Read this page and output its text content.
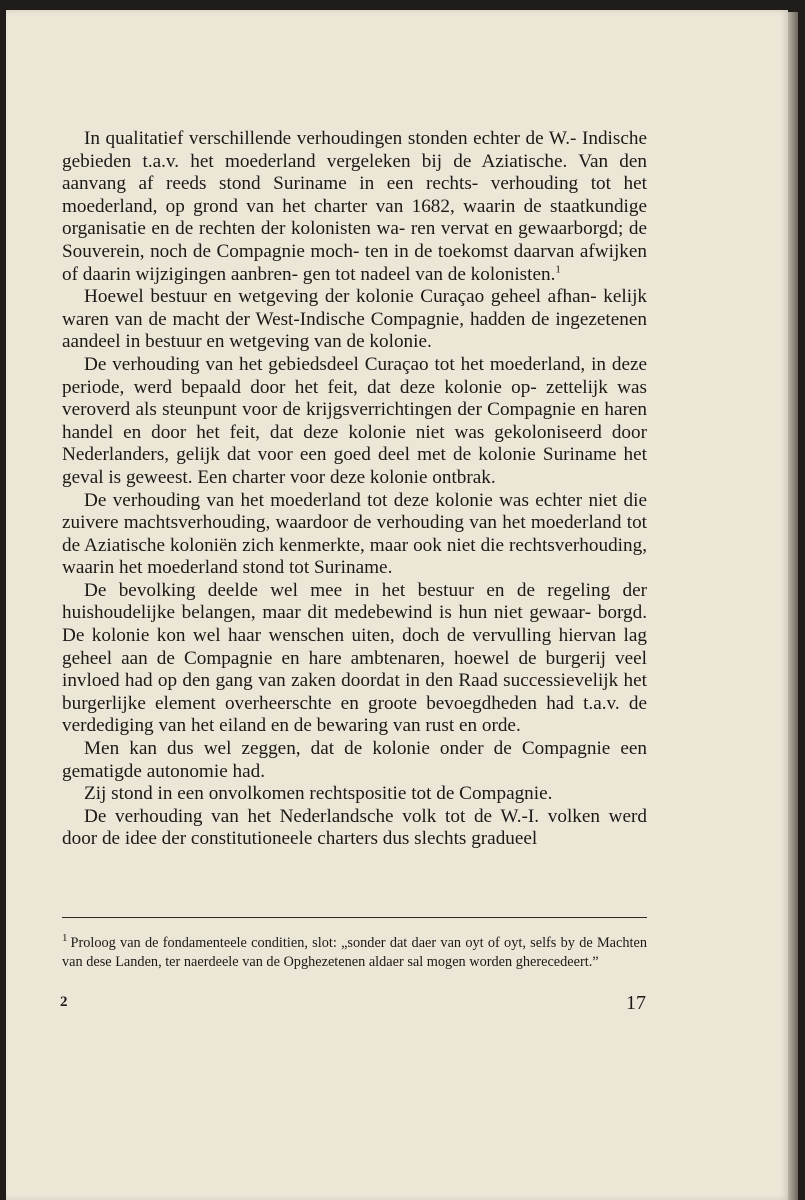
In qualitatief verschillende verhoudingen stonden echter de W.‑ Indische gebieden t.a.v. het moederland vergeleken bij de Aziatische. Van den aanvang af reeds stond Suriname in een rechts‑ verhouding tot het moederland, op grond van het charter van 1682, waarin de staatkundige organisatie en de rechten der kolonisten wa‑ ren vervat en gewaarborgd; de Souverein, noch de Compagnie moch‑ ten in de toekomst daarvan afwijken of daarin wijzigingen aanbren‑ gen tot nadeel van de kolonisten.$^1$

Hoewel bestuur en wetgeving der kolonie Curaçao geheel afhan‑ kelijk waren van de macht der West‑Indische Compagnie, hadden de ingezetenen aandeel in bestuur en wetgeving van de kolonie.

De verhouding van het gebiedsdeel Curaçao tot het moederland, in deze periode, werd bepaald door het feit, dat deze kolonie op‑ zettelijk was veroverd als steunpunt voor de krijgsverrichtingen der Compagnie en haren handel en door het feit, dat deze kolonie niet was gekoloniseerd door Nederlanders, gelijk dat voor een goed deel met de kolonie Suriname het geval is geweest. Een charter voor deze kolonie ontbrak.

De verhouding van het moederland tot deze kolonie was echter niet die zuivere machtsverhouding, waardoor de verhouding van het moederland tot de Aziatische koloniën zich kenmerkte, maar ook niet die rechtsverhouding, waarin het moederland stond tot Suriname.

De bevolking deelde wel mee in het bestuur en de regeling der huishoudelijke belangen, maar dit medebewind is hun niet gewaar‑ borgd. De kolonie kon wel haar wenschen uiten, doch de vervulling hiervan lag geheel aan de Compagnie en hare ambtenaren, hoewel de burgerij veel invloed had op den gang van zaken doordat in den Raad successievelijk het burgerlijke element overheerschte en groote bevoegdheden had t.a.v. de verdediging van het eiland en de bewaring van rust en orde.

Men kan dus wel zeggen, dat de kolonie onder de Compagnie een gematigde autonomie had.

Zij stond in een onvolkomen rechtspositie tot de Compagnie.

De verhouding van het Nederlandsche volk tot de W.‑I. volken werd door de idee der constitutioneele charters dus slechts gradueel

$^1$ Proloog van de fondamenteele conditien, slot: „sonder dat daer van oyt of oyt, selfs by de Machten van dese Landen, ter naerdeele van de Opghezetenen aldaer sal mogen worden gherecedeert.”
2	17
